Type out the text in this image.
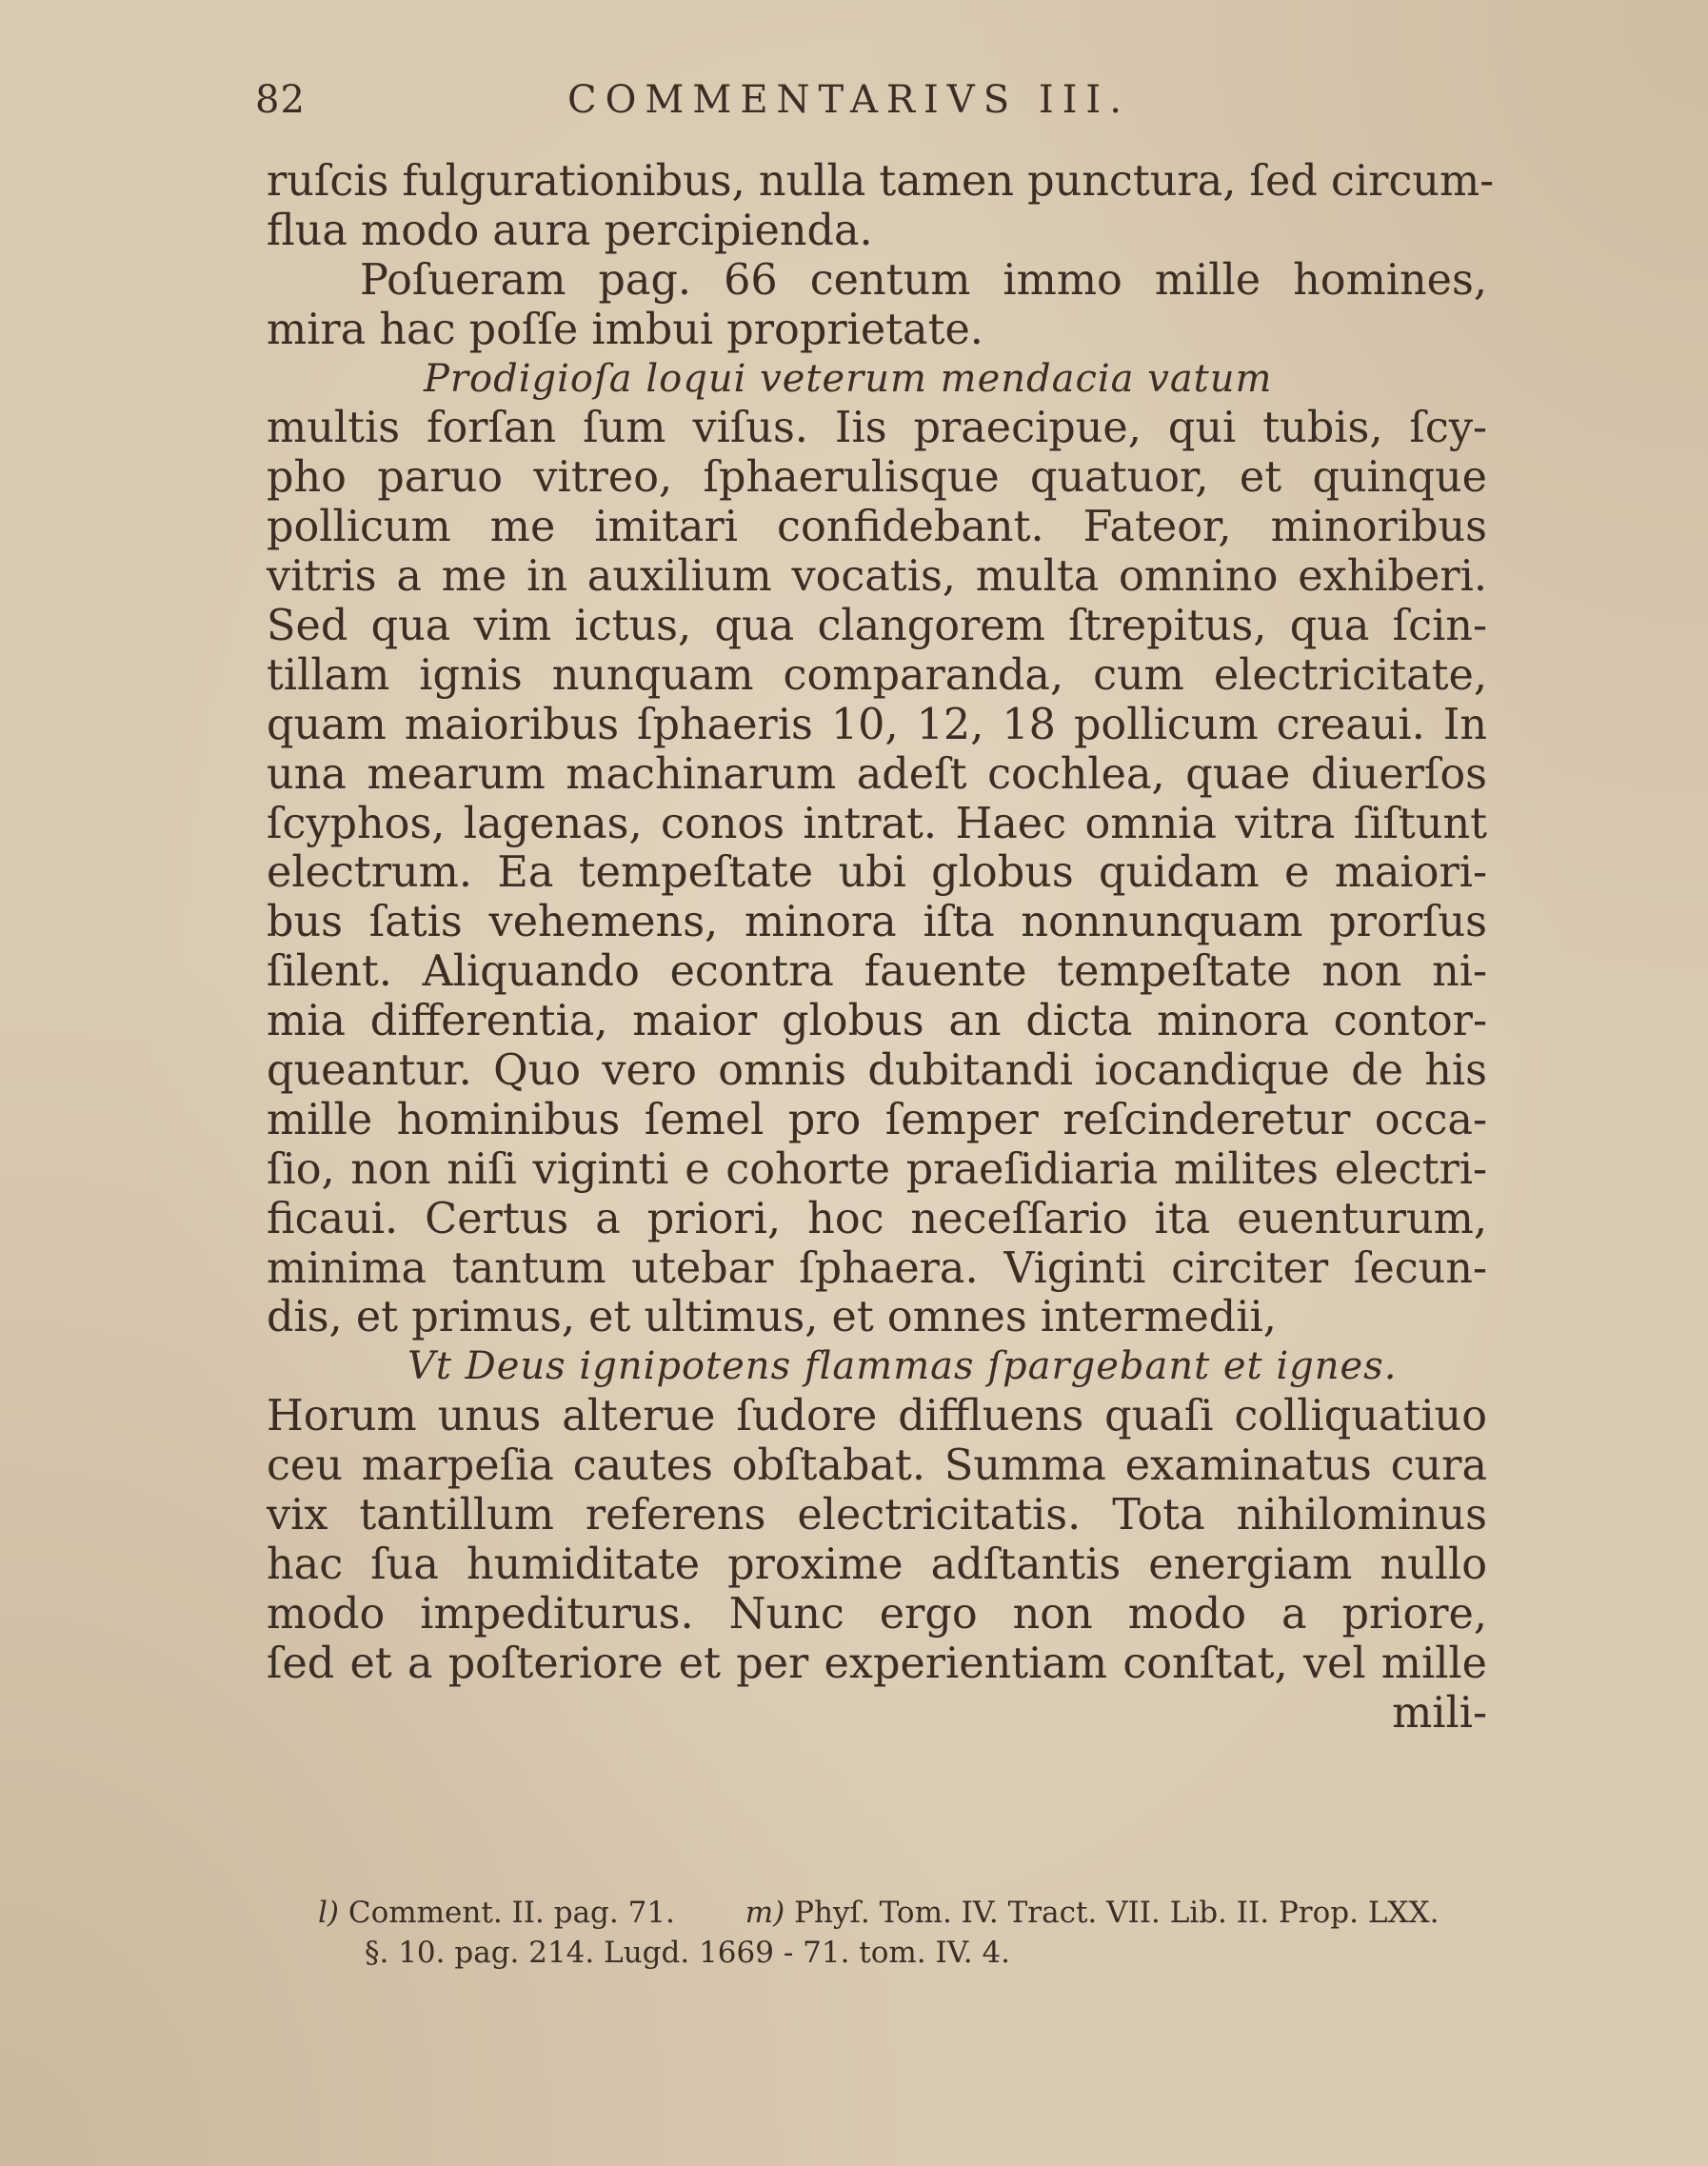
82	COMMENTARIVS III.
ruſcis fulgurationibus, nulla tamen punctura, ſed circum-
flua modo aura percipienda.
Poſueram pag. 66 centum immo mille homines,
mira hac poſſe imbui proprietate.
Prodigioſa loqui veterum mendacia vatum
multis forſan ſum viſus. Iis praecipue, qui tubis, ſcy-
pho paruo vitreo, ſphaerulisque quatuor, et quinque
pollicum me imitari confidebant. Fateor, minoribus
vitris a me in auxilium vocatis, multa omnino exhiberi.
Sed qua vim ictus, qua clangorem ſtrepitus, qua ſcin-
tillam ignis nunquam comparanda, cum electricitate,
quam maioribus ſphaeris 10, 12, 18 pollicum creaui. In
una mearum machinarum adeſt cochlea, quae diuerſos
ſcyphos, lagenas, conos intrat. Haec omnia vitra ſiſtunt
electrum. Ea tempeſtate ubi globus quidam e maiori-
bus ſatis vehemens, minora iſta nonnunquam prorſus
ſilent. Aliquando econtra fauente tempeſtate non ni-
mia differentia, maior globus an dicta minora contor-
queantur. Quo vero omnis dubitandi iocandique de his
mille hominibus ſemel pro ſemper reſcinderetur occa-
ſio, non niſi viginti e cohorte praeſidiaria milites electri-
ficaui. Certus a priori, hoc neceſſario ita euenturum,
minima tantum utebar ſphaera. Viginti circiter ſecun-
dis, et primus, et ultimus, et omnes intermedii,
Vt Deus ignipotens flammas ſpargebant et ignes.
Horum unus alterue ſudore diffluens quaſi colliquatiuo
ceu marpeſia cautes obſtabat. Summa examinatus cura
vix tantillum referens electricitatis. Tota nihilominus
hac ſua humiditate proxime adſtantis energiam nullo
modo impediturus. Nunc ergo non modo a priore,
ſed et a poſteriore et per experientiam conſtat, vel mille
mili-
l) Comment. II. pag. 71. m) Phyſ. Tom. IV. Tract. VII. Lib. II. Prop. LXX.
§. 10. pag. 214. Lugd. 1669 - 71. tom. IV. 4.
